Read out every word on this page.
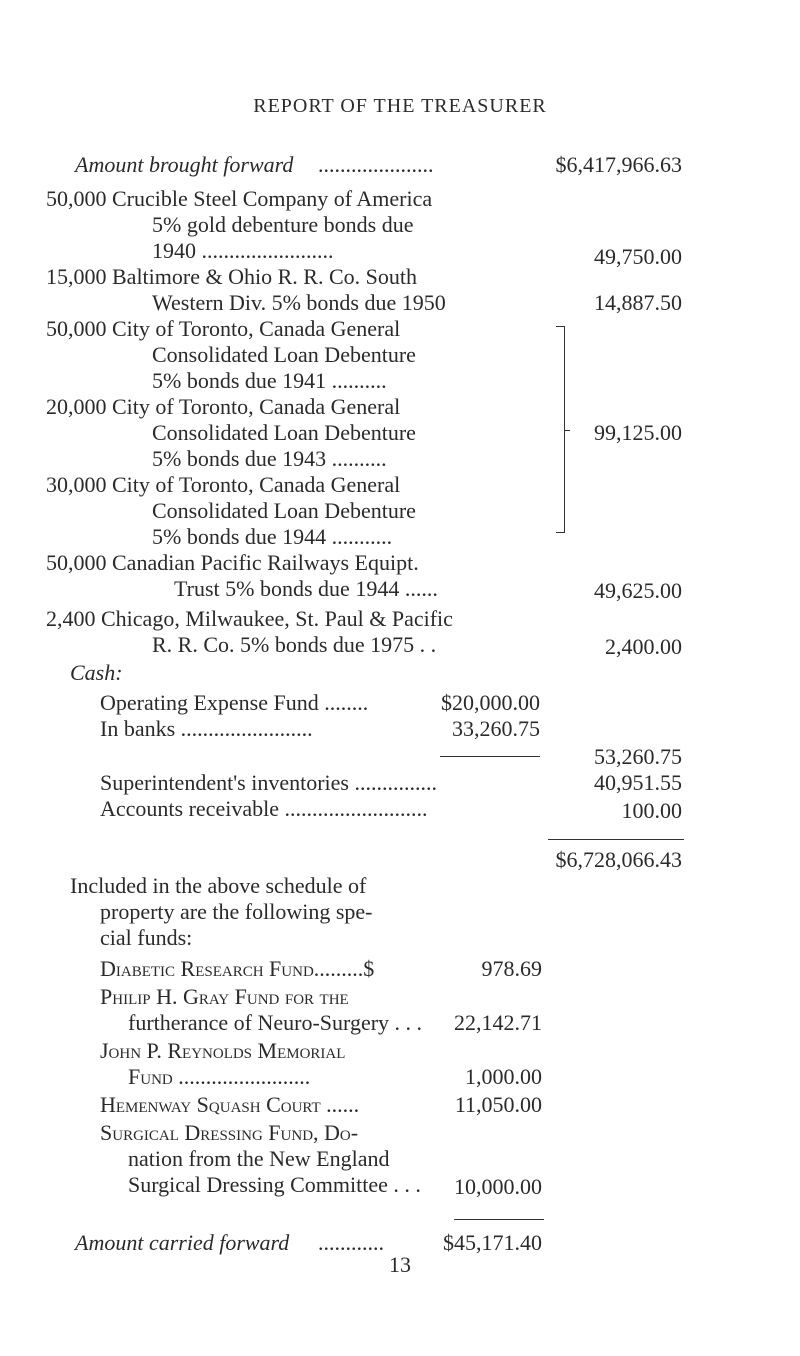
REPORT OF THE TREASURER
Amount brought forward .....................	$6,417,966.63
50,000 Crucible Steel Company of America
5% gold debenture bonds due
1940 ........................	49,750.00
15,000 Baltimore & Ohio R. R. Co. South
Western Div. 5% bonds due 1950	14,887.50
50,000 City of Toronto, Canada General
Consolidated Loan Debenture
5% bonds due 1941 ..........
20,000 City of Toronto, Canada General
Consolidated Loan Debenture
5% bonds due 1943 ..........
30,000 City of Toronto, Canada General
Consolidated Loan Debenture
5% bonds due 1944 ...........
99,125.00
50,000 Canadian Pacific Railways Equipt.
Trust 5% bonds due 1944 ......	49,625.00
2,400 Chicago, Milwaukee, St. Paul & Pacific
R. R. Co. 5% bonds due 1975 . .	2,400.00
Cash:
Operating Expense Fund ........	$20,000.00
In banks ........................	33,260.75
53,260.75
Superintendent's inventories ...............	40,951.55
Accounts receivable ..........................	100.00
$6,728,066.43
Included in the above schedule of
property are the following spe-
cial funds:
Diabetic Research Fund.........$	978.69
Philip H. Gray Fund for the
furtherance of Neuro-Surgery . . .	22,142.71
John P. Reynolds Memorial
Fund ........................	1,000.00
Hemenway Squash Court ......	11,050.00
Surgical Dressing Fund, Do-
nation from the New England
Surgical Dressing Committee . . .	10,000.00
Amount carried forward ............	$45,171.40
13
